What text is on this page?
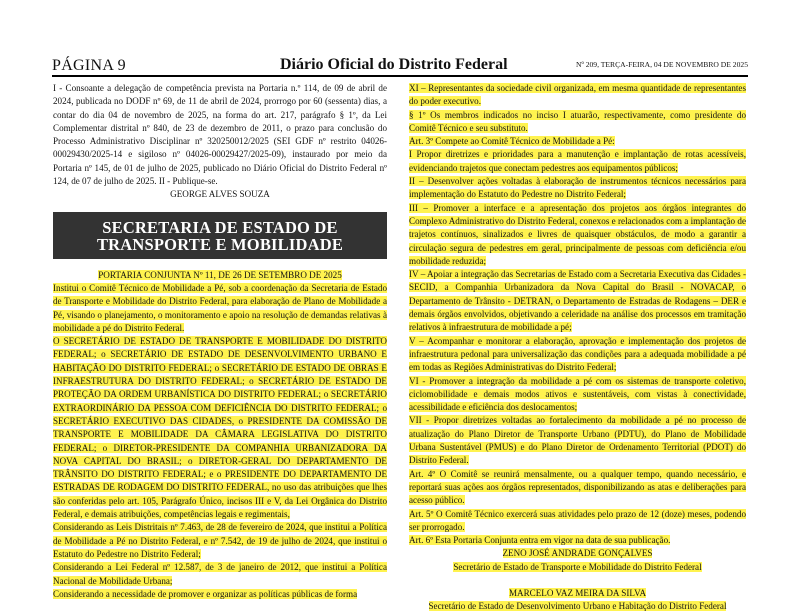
PÁGINA 9	Diário Oficial do Distrito Federal	Nº 209, TERÇA-FEIRA, 04 DE NOVEMBRO DE 2025

I - Consoante a delegação de competência prevista na Portaria n.º 114, de 09 de abril de 2024, publicada no DODF nº 69, de 11 de abril de 2024, prorrogo por 60 (sessenta) dias, a contar do dia 04 de novembro de 2025, na forma do art. 217, parágrafo § 1º, da Lei Complementar distrital nº 840, de 23 de dezembro de 2011, o prazo para conclusão do Processo Administrativo Disciplinar nº 320250012/2025 (SEI GDF nº restrito 04026-00029430/2025-14 e sigiloso nº 04026-00029427/2025-09), instaurado por meio da Portaria nº 145, de 01 de julho de 2025, publicado no Diário Oficial do Distrito Federal nº 124, de 07 de julho de 2025. II - Publique-se.

GEORGE ALVES SOUZA

SECRETARIA DE ESTADO DE
TRANSPORTE E MOBILIDADE

PORTARIA CONJUNTA Nº 11, DE 26 DE SETEMBRO DE 2025

Institui o Comitê Técnico de Mobilidade a Pé, sob a coordenação da Secretaria de Estado de Transporte e Mobilidade do Distrito Federal, para elaboração de Plano de Mobilidade a Pé, visando o planejamento, o monitoramento e apoio na resolução de demandas relativas à mobilidade a pé do Distrito Federal.

O SECRETÁRIO DE ESTADO DE TRANSPORTE E MOBILIDADE DO DISTRITO FEDERAL; o SECRETÁRIO DE ESTADO DE DESENVOLVIMENTO URBANO E HABITAÇÃO DO DISTRITO FEDERAL; o SECRETÁRIO DE ESTADO DE OBRAS E INFRAESTRUTURA DO DISTRITO FEDERAL; o SECRETÁRIO DE ESTADO DE PROTEÇÃO DA ORDEM URBANÍSTICA DO DISTRITO FEDERAL; o SECRETÁRIO EXTRAORDINÁRIO DA PESSOA COM DEFICIÊNCIA DO DISTRITO FEDERAL; o SECRETÁRIO EXECUTIVO DAS CIDADES, o PRESIDENTE DA COMISSÃO DE TRANSPORTE E MOBILIDADE DA CÂMARA LEGISLATIVA DO DISTRITO FEDERAL; o DIRETOR-PRESIDENTE DA COMPANHIA URBANIZADORA DA NOVA CAPITAL DO BRASIL; o DIRETOR-GERAL DO DEPARTAMENTO DE TRÂNSITO DO DISTRITO FEDERAL; e o PRESIDENTE DO DEPARTAMENTO DE ESTRADAS DE RODAGEM DO DISTRITO FEDERAL, no uso das atribuições que lhes são conferidas pelo art. 105, Parágrafo Único, incisos III e V, da Lei Orgânica do Distrito Federal, e demais atribuições, competências legais e regimentais,

Considerando as Leis Distritais nº 7.463, de 28 de fevereiro de 2024, que institui a Política de Mobilidade a Pé no Distrito Federal, e nº 7.542, de 19 de julho de 2024, que institui o Estatuto do Pedestre no Distrito Federal;

Considerando a Lei Federal nº 12.587, de 3 de janeiro de 2012, que institui a Política Nacional de Mobilidade Urbana;

Considerando a necessidade de promover e organizar as políticas públicas de forma

XI – Representantes da sociedade civil organizada, em mesma quantidade de representantes do poder executivo.

§ 1º Os membros indicados no inciso I atuarão, respectivamente, como presidente do Comitê Técnico e seu substituto.

Art. 3º Compete ao Comitê Técnico de Mobilidade a Pé:

I Propor diretrizes e prioridades para a manutenção e implantação de rotas acessíveis, evidenciando trajetos que conectam pedestres aos equipamentos públicos;

II – Desenvolver ações voltadas à elaboração de instrumentos técnicos necessários para implementação do Estatuto do Pedestre no Distrito Federal;

III – Promover a interface e a apresentação dos projetos aos órgãos integrantes do Complexo Administrativo do Distrito Federal, conexos e relacionados com a implantação de trajetos contínuos, sinalizados e livres de quaisquer obstáculos, de modo a garantir a circulação segura de pedestres em geral, principalmente de pessoas com deficiência e/ou mobilidade reduzida;

IV – Apoiar a integração das Secretarias de Estado com a Secretaria Executiva das Cidades - SECID, a Companhia Urbanizadora da Nova Capital do Brasil - NOVACAP, o Departamento de Trânsito - DETRAN, o Departamento de Estradas de Rodagens – DER e demais órgãos envolvidos, objetivando a celeridade na análise dos processos em tramitação relativos à infraestrutura de mobilidade a pé;

V – Acompanhar e monitorar a elaboração, aprovação e implementação dos projetos de infraestrutura pedonal para universalização das condições para a adequada mobilidade a pé em todas as Regiões Administrativas do Distrito Federal;

VI - Promover a integração da mobilidade a pé com os sistemas de transporte coletivo, ciclomobilidade e demais modos ativos e sustentáveis, com vistas à conectividade, acessibilidade e eficiência dos deslocamentos;

VII - Propor diretrizes voltadas ao fortalecimento da mobilidade a pé no processo de atualização do Plano Diretor de Transporte Urbano (PDTU), do Plano de Mobilidade Urbana Sustentável (PMUS) e do Plano Diretor de Ordenamento Territorial (PDOT) do Distrito Federal.

Art. 4º O Comitê se reunirá mensalmente, ou a qualquer tempo, quando necessário, e reportará suas ações aos órgãos representados, disponibilizando as atas e deliberações para acesso público.

Art. 5º O Comitê Técnico exercerá suas atividades pelo prazo de 12 (doze) meses, podendo ser prorrogado.

Art. 6º Esta Portaria Conjunta entra em vigor na data de sua publicação.

ZENO JOSÉ ANDRADE GONÇALVES

Secretário de Estado de Transporte e Mobilidade do Distrito Federal

MARCELO VAZ MEIRA DA SILVA

Secretário de Estado de Desenvolvimento Urbano e Habitação do Distrito Federal
